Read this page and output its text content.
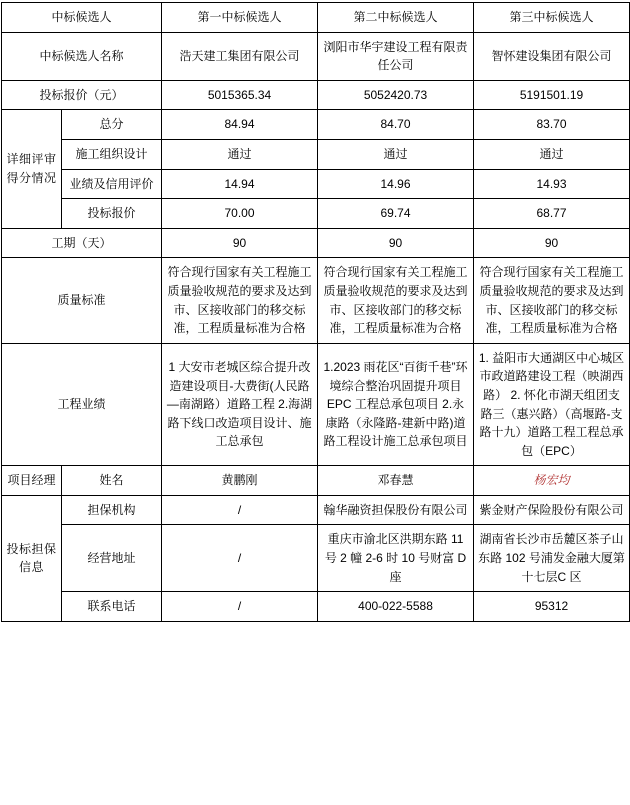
中标候选人		第一中标候选人	第二中标候选人	第三中标候选人
中标候选人名称		浩天建工集团有限公司	浏阳市华宇建设工程有限责任公司	智怀建设集团有限公司
投标报价（元）		5015365.34	5052420.73	5191501.19
详细评审得分情况	总分	84.94	84.70	83.70
	施工组织设计	通过	通过	通过
	业绩及信用评价	14.94	14.96	14.93
	投标报价	70.00	69.74	68.77
工期（天）		90	90	90
质量标准		符合现行国家有关工程施工质量验收规范的要求及达到市、区接收部门的移交标准，工程质量标准为合格	符合现行国家有关工程施工质量验收规范的要求及达到市、区接收部门的移交标准，工程质量标准为合格	符合现行国家有关工程施工质量验收规范的要求及达到市、区接收部门的移交标准，工程质量标准为合格
工程业绩		1 大安市老城区综合提升改造建设项目-大费街(人民路—南湖路）道路工程 2.海湖路下线口改造项目设计、施工总承包	1.2023 雨花区“百街千巷”环境综合整治巩固提升项目 EPC 工程总承包项目 2.永康路（永隆路-建新中路)道路工程设计施工总承包项目	1. 益阳市大通湖区中心城区市政道路建设工程（映湖西路） 2. 怀化市湖天组团支路三（惠兴路）（高堰路-支路十九）道路工程工程总承包（EPC）
项目经理	姓名	黄鹏刚	邓春慧	杨宏均
投标担保信息	担保机构	/	翰华融资担保股份有限公司	紫金财产保险股份有限公司
	经营地址	/	重庆市渝北区洪期东路 11 号 2 幢 2-6 时 10 号财富 D 座	湖南省长沙市岳麓区茶子山东路 102 号浦发金融大厦第十七层C 区
	联系电话	/	400-022-5588	95312
